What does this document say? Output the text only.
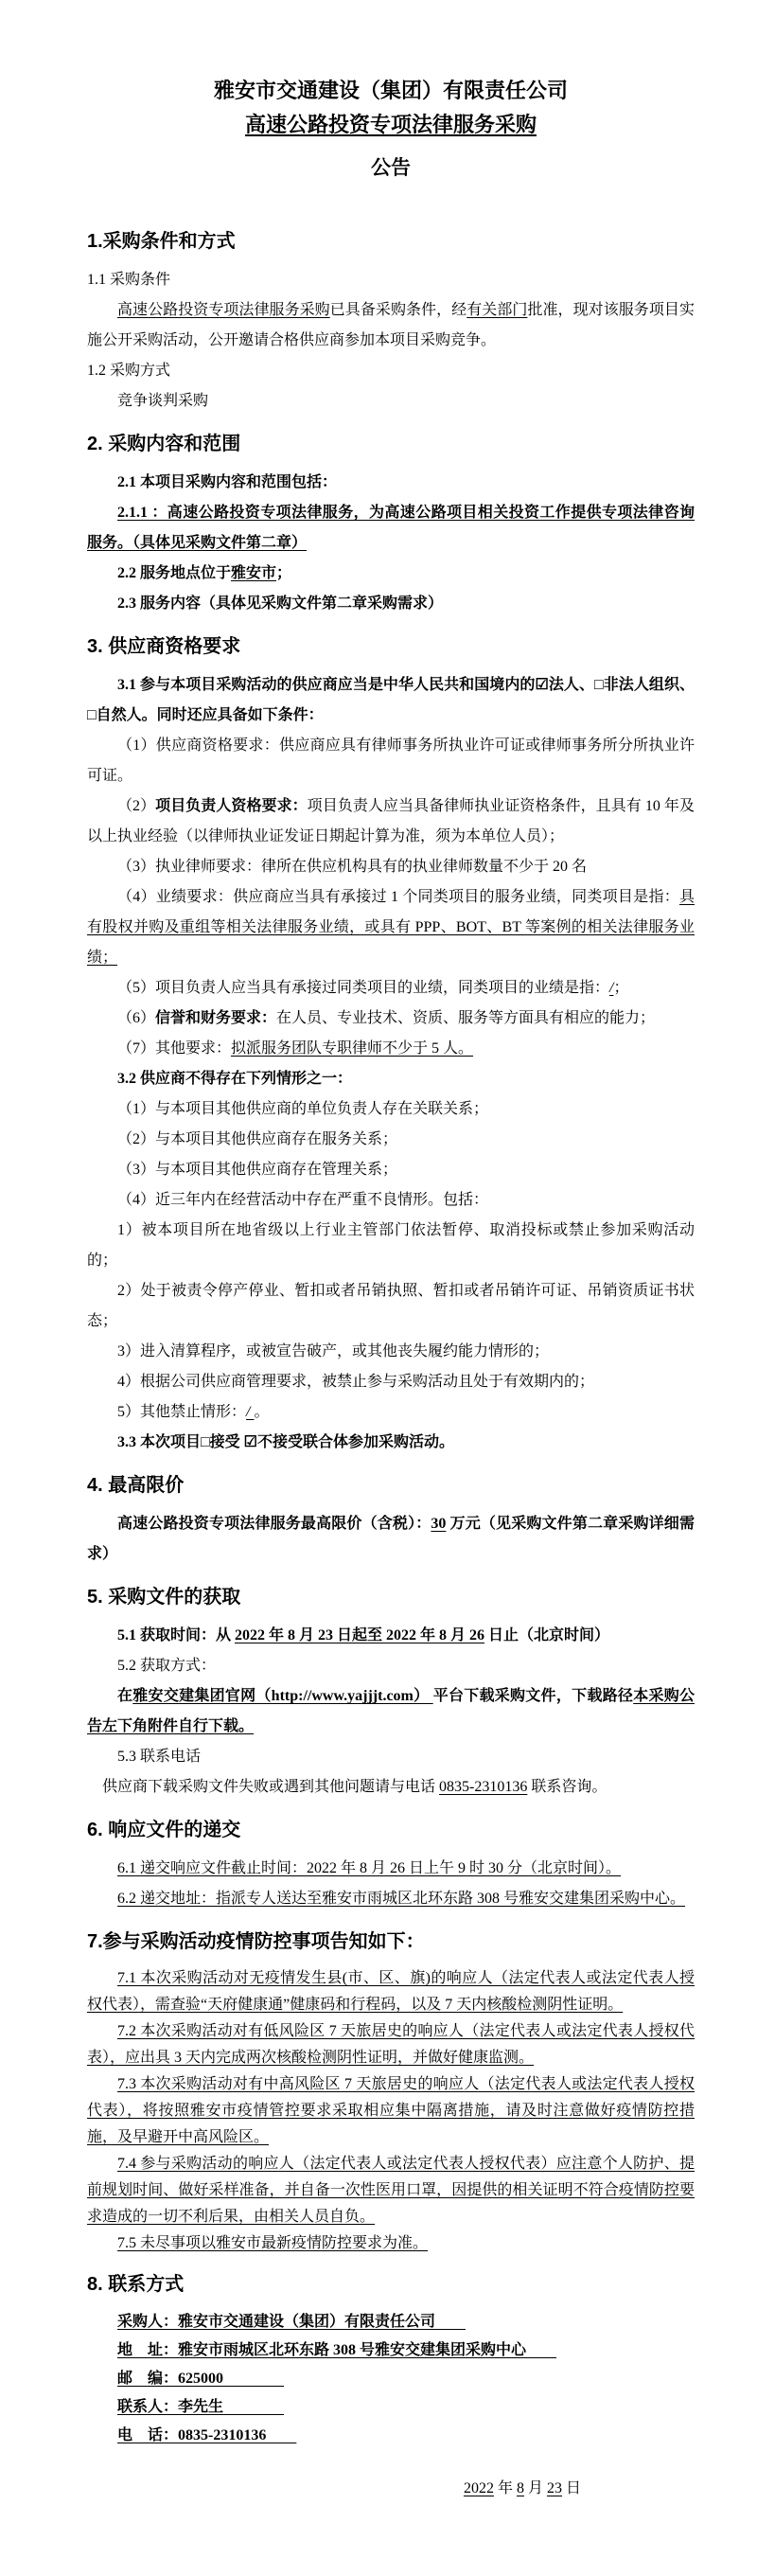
雅安市交通建设（集团）有限责任公司
高速公路投资专项法律服务采购
公告
1.采购条件和方式
1.1 采购条件
高速公路投资专项法律服务采购已具备采购条件，经有关部门批准，现对该服务项目实施公开采购活动，公开邀请合格供应商参加本项目采购竞争。
1.2 采购方式
竞争谈判采购
2. 采购内容和范围
2.1 本项目采购内容和范围包括：
2.1.1 ：高速公路投资专项法律服务，为高速公路项目相关投资工作提供专项法律咨询服务。（具体见采购文件第二章）
2.2 服务地点位于雅安市；
2.3 服务内容（具体见采购文件第二章采购需求）
3. 供应商资格要求
3.1 参与本项目采购活动的供应商应当是中华人民共和国境内的☑法人、□非法人组织、□自然人。同时还应具备如下条件：
（1）供应商资格要求：供应商应具有律师事务所执业许可证或律师事务所分所执业许可证。
（2）项目负责人资格要求：项目负责人应当具备律师执业证资格条件，且具有 10 年及以上执业经验（以律师执业证发证日期起计算为准，须为本单位人员）；
（3）执业律师要求：律所在供应机构具有的执业律师数量不少于 20 名
（4）业绩要求：供应商应当具有承接过 1 个同类项目的服务业绩，同类项目是指：具有股权并购及重组等相关法律服务业绩，或具有 PPP、BOT、BT 等案例的相关法律服务业绩；
（5）项目负责人应当具有承接过同类项目的业绩，同类项目的业绩是指：/；
（6）信誉和财务要求：在人员、专业技术、资质、服务等方面具有相应的能力；
（7）其他要求：拟派服务团队专职律师不少于 5 人。
3.2 供应商不得存在下列情形之一：
（1）与本项目其他供应商的单位负责人存在关联关系；
（2）与本项目其他供应商存在服务关系；
（3）与本项目其他供应商存在管理关系；
（4）近三年内在经营活动中存在严重不良情形。包括：
1）被本项目所在地省级以上行业主管部门依法暂停、取消投标或禁止参加采购活动的；
2）处于被责令停产停业、暂扣或者吊销执照、暂扣或者吊销许可证、吊销资质证书状态；
3）进入清算程序，或被宣告破产，或其他丧失履约能力情形的；
4）根据公司供应商管理要求，被禁止参与采购活动且处于有效期内的；
5）其他禁止情形：/ 。
3.3 本次项目□接受 ☑不接受联合体参加采购活动。
4. 最高限价
高速公路投资专项法律服务最高限价（含税）：30 万元（见采购文件第二章采购详细需求）
5. 采购文件的获取
5.1 获取时间：从 2022 年 8 月 23 日起至 2022 年 8 月 26 日止（北京时间）
5.2 获取方式：
在雅安交建集团官网（http://www.yajjjt.com） 平台下载采购文件，下载路径本采购公告左下角附件自行下载。
5.3 联系电话
供应商下载采购文件失败或遇到其他问题请与电话 0835-2310136 联系咨询。
6. 响应文件的递交
6.1 递交响应文件截止时间：2022 年 8 月 26 日上午 9 时 30 分（北京时间）。
6.2 递交地址：指派专人送达至雅安市雨城区北环东路 308 号雅安交建集团采购中心。
7.参与采购活动疫情防控事项告知如下：
7.1 本次采购活动对无疫情发生县(市、区、旗)的响应人（法定代表人或法定代表人授权代表），需查验“天府健康通”健康码和行程码，以及 7 天内核酸检测阴性证明。
7.2 本次采购活动对有低风险区 7 天旅居史的响应人（法定代表人或法定代表人授权代表），应出具 3 天内完成两次核酸检测阴性证明，并做好健康监测。
7.3 本次采购活动对有中高风险区 7 天旅居史的响应人（法定代表人或法定代表人授权代表），将按照雅安市疫情管控要求采取相应集中隔离措施，请及时注意做好疫情防控措施，及早避开中高风险区。
7.4 参与采购活动的响应人（法定代表人或法定代表人授权代表）应注意个人防护、提前规划时间、做好采样准备，并自备一次性医用口罩，因提供的相关证明不符合疫情防控要求造成的一切不利后果，由相关人员自负。
7.5 未尽事项以雅安市最新疫情防控要求为准。
8. 联系方式
采购人：雅安市交通建设（集团）有限责任公司　　
地　址：雅安市雨城区北环东路 308 号雅安交建集团采购中心　　
邮　编：625000　　　　
联系人：李先生　　　　
电　话：0835-2310136　　
2022 年 8 月 23 日
